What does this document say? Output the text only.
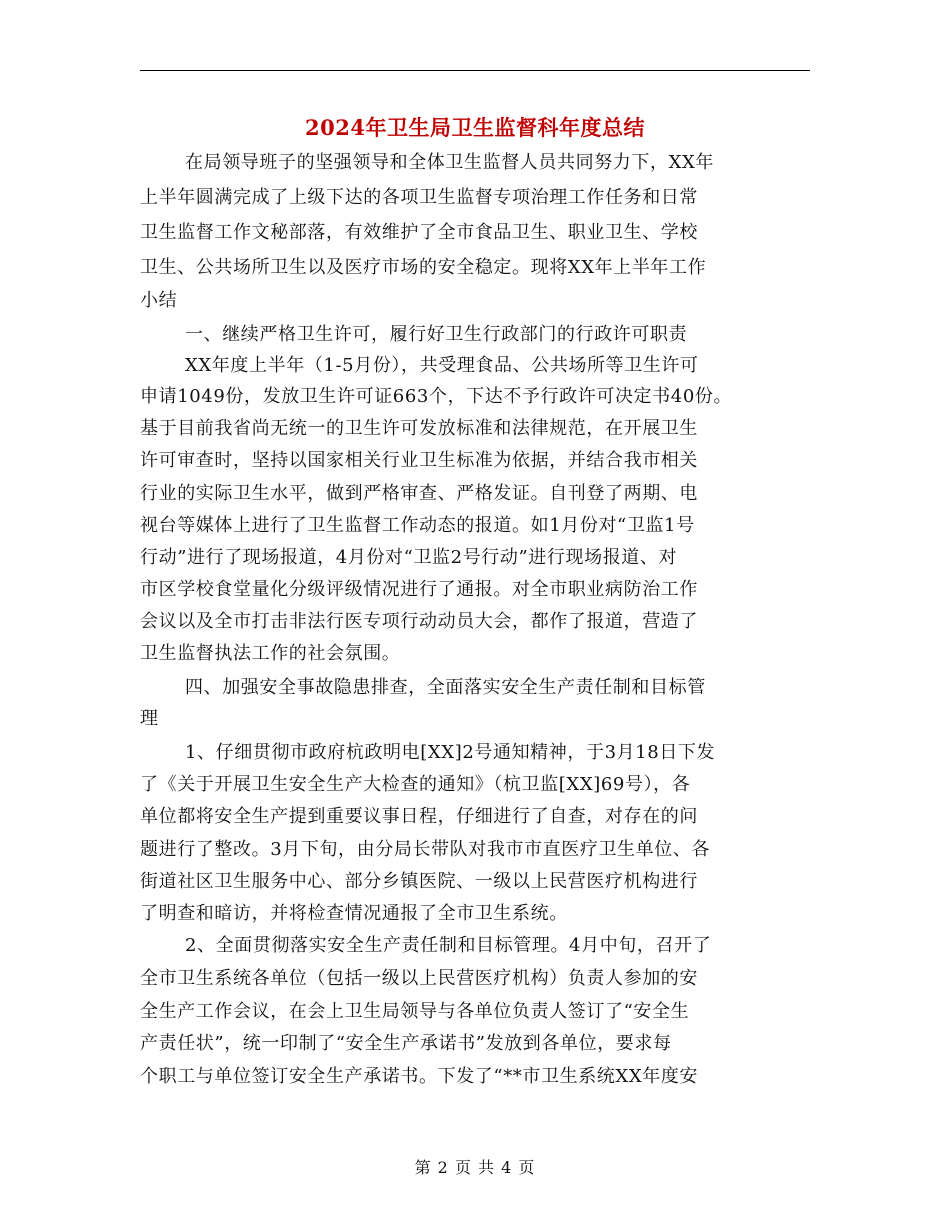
2024年卫生局卫生监督科年度总结
在局领导班子的坚强领导和全体卫生监督人员共同努力下，XX年
上半年圆满完成了上级下达的各项卫生监督专项治理工作任务和日常
卫生监督工作文秘部落，有效维护了全市食品卫生、职业卫生、学校
卫生、公共场所卫生以及医疗市场的安全稳定。现将XX年上半年工作
小结
一、继续严格卫生许可，履行好卫生行政部门的行政许可职责
XX年度上半年（1-5月份），共受理食品、公共场所等卫生许可
申请1049份，发放卫生许可证663个，下达不予行政许可决定书40份。
基于目前我省尚无统一的卫生许可发放标准和法律规范，在开展卫生
许可审查时，坚持以国家相关行业卫生标准为依据，并结合我市相关
行业的实际卫生水平，做到严格审查、严格发证。自刊登了两期、电
视台等媒体上进行了卫生监督工作动态的报道。如1月份对“卫监1号
行动”进行了现场报道，4月份对“卫监2号行动”进行现场报道、对
市区学校食堂量化分级评级情况进行了通报。对全市职业病防治工作
会议以及全市打击非法行医专项行动动员大会，都作了报道，营造了
卫生监督执法工作的社会氛围。
四、加强安全事故隐患排查，全面落实安全生产责任制和目标管
理
1、仔细贯彻市政府杭政明电[XX]2号通知精神，于3月18日下发
了《关于开展卫生安全生产大检查的通知》（杭卫监[XX]69号），各
单位都将安全生产提到重要议事日程，仔细进行了自查，对存在的问
题进行了整改。3月下旬，由分局长带队对我市市直医疗卫生单位、各
街道社区卫生服务中心、部分乡镇医院、一级以上民营医疗机构进行
了明查和暗访，并将检查情况通报了全市卫生系统。
2、全面贯彻落实安全生产责任制和目标管理。4月中旬，召开了
全市卫生系统各单位（包括一级以上民营医疗机构）负责人参加的安
全生产工作会议，在会上卫生局领导与各单位负责人签订了“安全生
产责任状”，统一印制了“安全生产承诺书”发放到各单位，要求每
个职工与单位签订安全生产承诺书。下发了“**市卫生系统XX年度安
第 2 页 共 4 页
